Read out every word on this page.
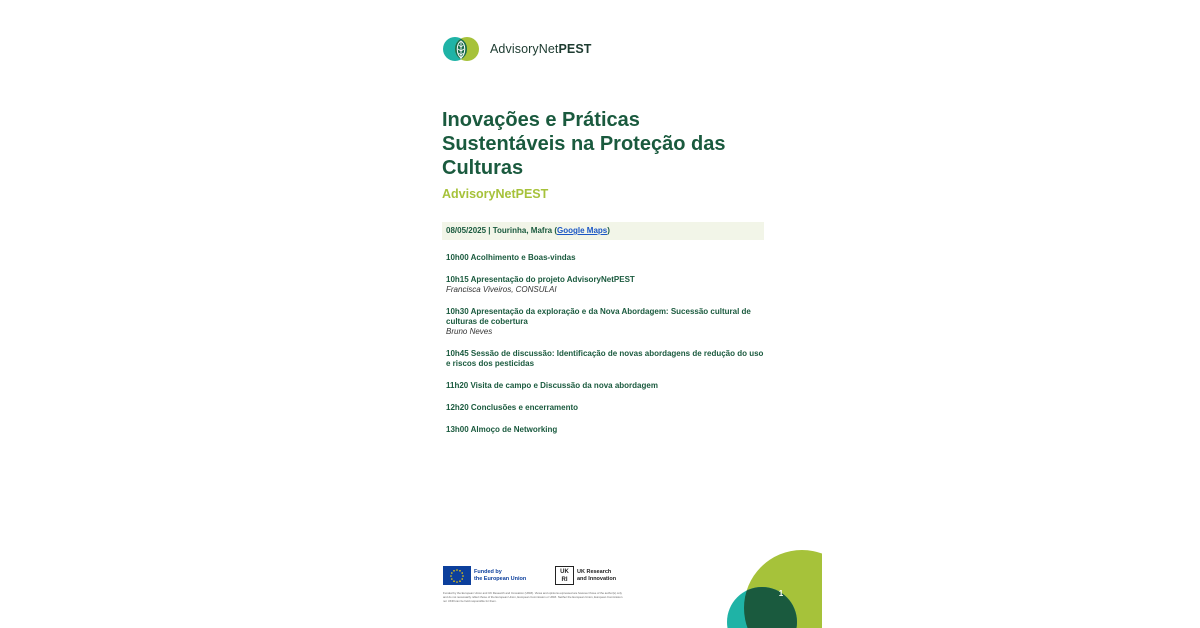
AdvisoryNetPEST
Inovações e Práticas Sustentáveis na Proteção das Culturas
AdvisoryNetPEST
08/05/2025 | Tourinha, Mafra (Google Maps)
10h00 Acolhimento e Boas-vindas
10h15 Apresentação do projeto AdvisoryNetPEST
Francisca Viveiros, CONSULAI
10h30 Apresentação da exploração e da Nova Abordagem: Sucessão cultural de culturas de cobertura
Bruno Neves
10h45 Sessão de discussão: Identificação de novas abordagens de redução do uso e riscos dos pesticidas
11h20 Visita de campo e Discussão da nova abordagem
12h20 Conclusões e encerramento
13h00 Almoço de Networking
Funded by
the European Union
UK
RI
UK Research
and Innovation
Funded by the European Union and UK Research and Innovation (UKRI). Views and opinions expressed are however those of the author(s) only and do not necessarily reflect those of the European Union, European Commission or UKRI. Neither the European Union, European Commission nor UKRI can be held responsible for them.
1
